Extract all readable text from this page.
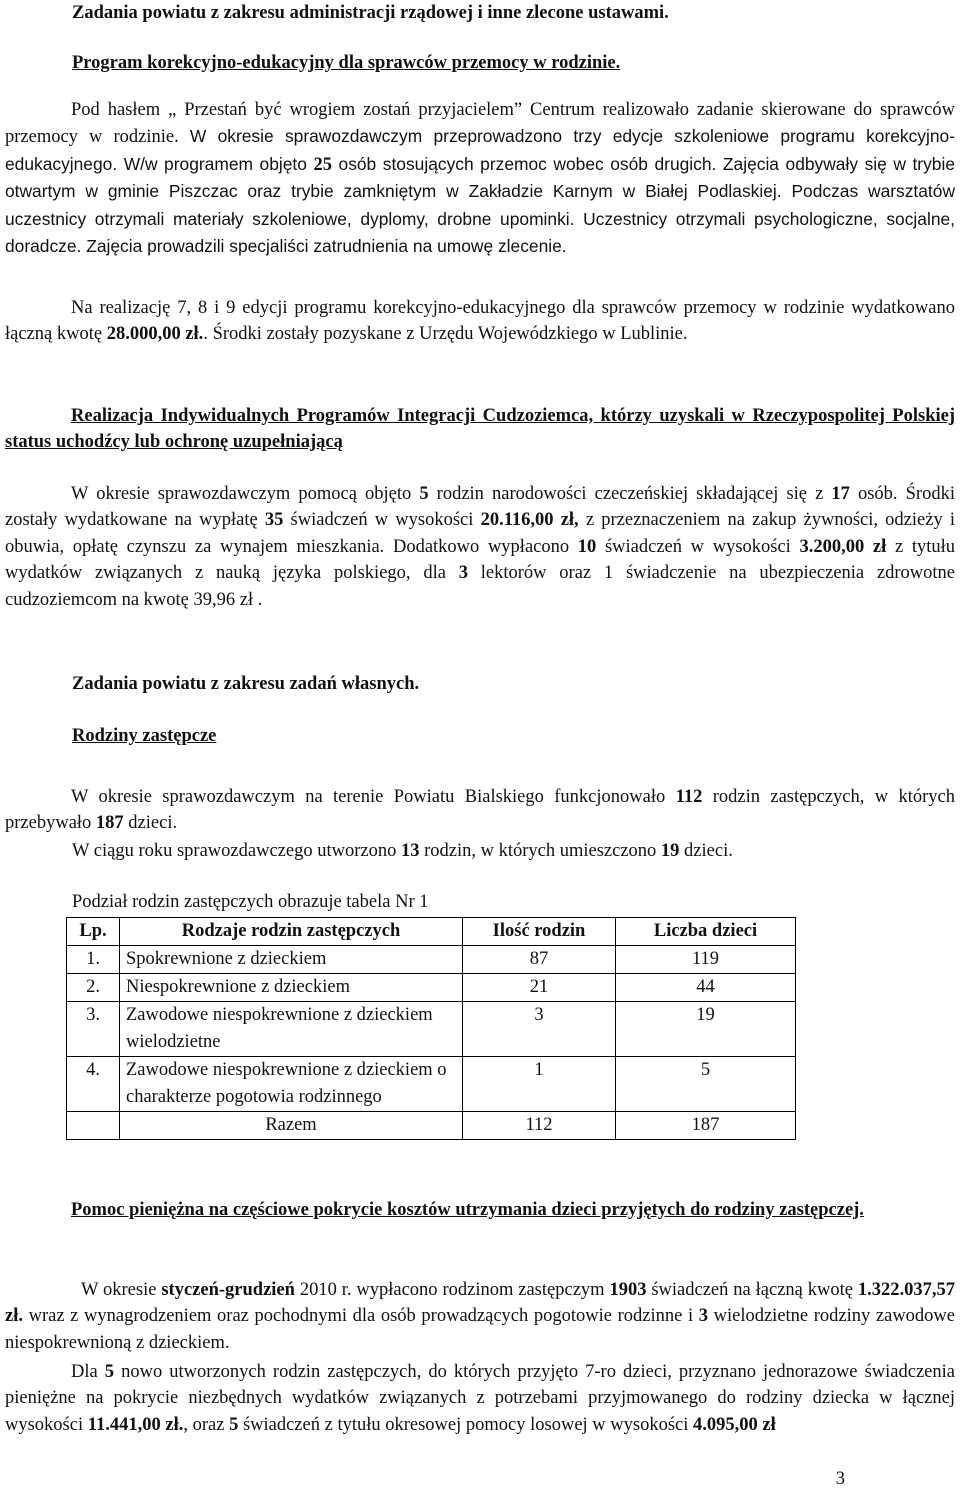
Zadania powiatu z zakresu administracji rządowej i inne zlecone ustawami.

Program korekcyjno-edukacyjny dla sprawców przemocy w rodzinie.

Pod hasłem „ Przestań być wrogiem zostań przyjacielem” Centrum realizowało zadanie skierowane do sprawców przemocy w rodzinie. W okresie sprawozdawczym przeprowadzono trzy edycje szkoleniowe programu korekcyjno-edukacyjnego. W/w programem objęto 25 osób stosujących przemoc wobec osób drugich. Zajęcia odbywały się w trybie otwartym w gminie Piszczac oraz trybie zamkniętym w Zakładzie Karnym w Białej Podlaskiej. Podczas warsztatów uczestnicy otrzymali materiały szkoleniowe, dyplomy, drobne upominki. Uczestnicy otrzymali psychologiczne, socjalne, doradcze. Zajęcia prowadzili specjaliści zatrudnienia na umowę zlecenie.
Na realizację 7, 8 i 9 edycji programu korekcyjno-edukacyjnego dla sprawców przemocy w rodzinie wydatkowano łączną kwotę 28.000,00 zł.. Środki zostały pozyskane z Urzędu Wojewódzkiego w Lublinie.

Realizacja Indywidualnych Programów Integracji Cudzoziemca, którzy uzyskali w Rzeczypospolitej Polskiej status uchodźcy lub ochronę uzupełniającą

W okresie sprawozdawczym pomocą objęto 5 rodzin narodowości czeczeńskiej składającej się z 17 osób. Środki zostały wydatkowane na wypłatę 35 świadczeń w wysokości 20.116,00 zł, z przeznaczeniem na zakup żywności, odzieży i obuwia, opłatę czynszu za wynajem mieszkania. Dodatkowo wypłacono 10 świadczeń w wysokości 3.200,00 zł z tytułu wydatków związanych z nauką języka polskiego, dla 3 lektorów oraz 1 świadczenie na ubezpieczenia zdrowotne cudzoziemcom na kwotę 39,96 zł .

Zadania powiatu z zakresu zadań własnych.

Rodziny zastępcze

W okresie sprawozdawczym na terenie Powiatu Bialskiego funkcjonowało 112 rodzin zastępczych, w których przebywało 187 dzieci.
W ciągu roku sprawozdawczego utworzono 13 rodzin, w których umieszczono 19 dzieci.

Podział rodzin zastępczych obrazuje tabela Nr 1

Lp.	Rodzaje rodzin zastępczych	Ilość rodzin	Liczba dzieci
1.	Spokrewnione z dzieckiem	87	119
2.	Niespokrewnione z dzieckiem	21	44
3.	Zawodowe niespokrewnione z dzieckiem wielodzietne	3	19
4.	Zawodowe niespokrewnione z dzieckiem o charakterze pogotowia rodzinnego	1	5
	Razem	112	187

Pomoc pieniężna na częściowe pokrycie kosztów utrzymania dzieci przyjętych do rodziny zastępczej.

W okresie styczeń-grudzień 2010 r. wypłacono rodzinom zastępczym 1903 świadczeń na łączną kwotę 1.322.037,57 zł. wraz z wynagrodzeniem oraz pochodnymi dla osób prowadzących pogotowie rodzinne i 3 wielodzietne rodziny zawodowe niespokrewnioną z dzieckiem.
Dla 5 nowo utworzonych rodzin zastępczych, do których przyjęto 7-ro dzieci, przyznano jednorazowe świadczenia pieniężne na pokrycie niezbędnych wydatków związanych z potrzebami przyjmowanego do rodziny dziecka w łącznej wysokości 11.441,00 zł., oraz 5 świadczeń z tytułu okresowej pomocy losowej w wysokości 4.095,00 zł
3
